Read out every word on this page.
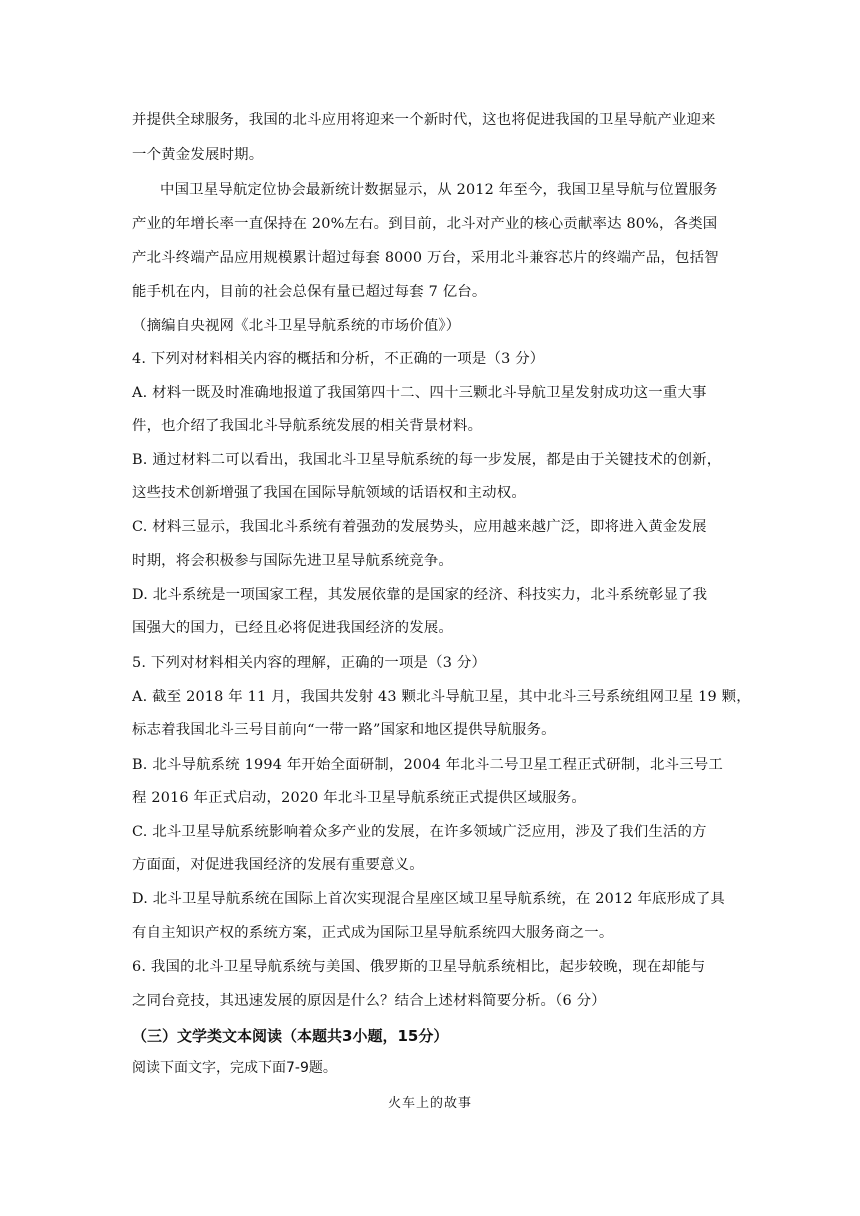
并提供全球服务，我国的北斗应用将迎来一个新时代，这也将促进我国的卫星导航产业迎来
一个黄金发展时期。
中国卫星导航定位协会最新统计数据显示，从 2012 年至今，我国卫星导航与位置服务
产业的年增长率一直保持在 20%左右。到目前，北斗对产业的核心贡献率达 80%，各类国
产北斗终端产品应用规模累计超过每套 8000 万台，采用北斗兼容芯片的终端产品，包括智
能手机在内，目前的社会总保有量已超过每套 7 亿台。
（摘编自央视网《北斗卫星导航系统的市场价值》）
4. 下列对材料相关内容的概括和分析，不正确的一项是（3 分）
A. 材料一既及时准确地报道了我国第四十二、四十三颗北斗导航卫星发射成功这一重大事
件，也介绍了我国北斗导航系统发展的相关背景材料。
B. 通过材料二可以看出，我国北斗卫星导航系统的每一步发展，都是由于关键技术的创新，
这些技术创新增强了我国在国际导航领域的话语权和主动权。
C. 材料三显示，我国北斗系统有着强劲的发展势头，应用越来越广泛，即将进入黄金发展
时期，将会积极参与国际先进卫星导航系统竞争。
D. 北斗系统是一项国家工程，其发展依靠的是国家的经济、科技实力，北斗系统彰显了我
国强大的国力，已经且必将促进我国经济的发展。
5. 下列对材料相关内容的理解，正确的一项是（3 分）
A. 截至 2018 年 11 月，我国共发射 43 颗北斗导航卫星，其中北斗三号系统组网卫星 19 颗，
标志着我国北斗三号目前向“一带一路”国家和地区提供导航服务。
B. 北斗导航系统 1994 年开始全面研制，2004 年北斗二号卫星工程正式研制，北斗三号工
程 2016 年正式启动，2020 年北斗卫星导航系统正式提供区域服务。
C. 北斗卫星导航系统影响着众多产业的发展，在许多领域广泛应用，涉及了我们生活的方
方面面，对促进我国经济的发展有重要意义。
D. 北斗卫星导航系统在国际上首次实现混合星座区域卫星导航系统，在 2012 年底形成了具
有自主知识产权的系统方案，正式成为国际卫星导航系统四大服务商之一。
6. 我国的北斗卫星导航系统与美国、俄罗斯的卫星导航系统相比，起步较晚，现在却能与
之同台竞技，其迅速发展的原因是什么？结合上述材料简要分析。（6 分）
（三）文学类文本阅读（本题共3小题，15分）
阅读下面文字，完成下面7-9题。
火车上的故事
